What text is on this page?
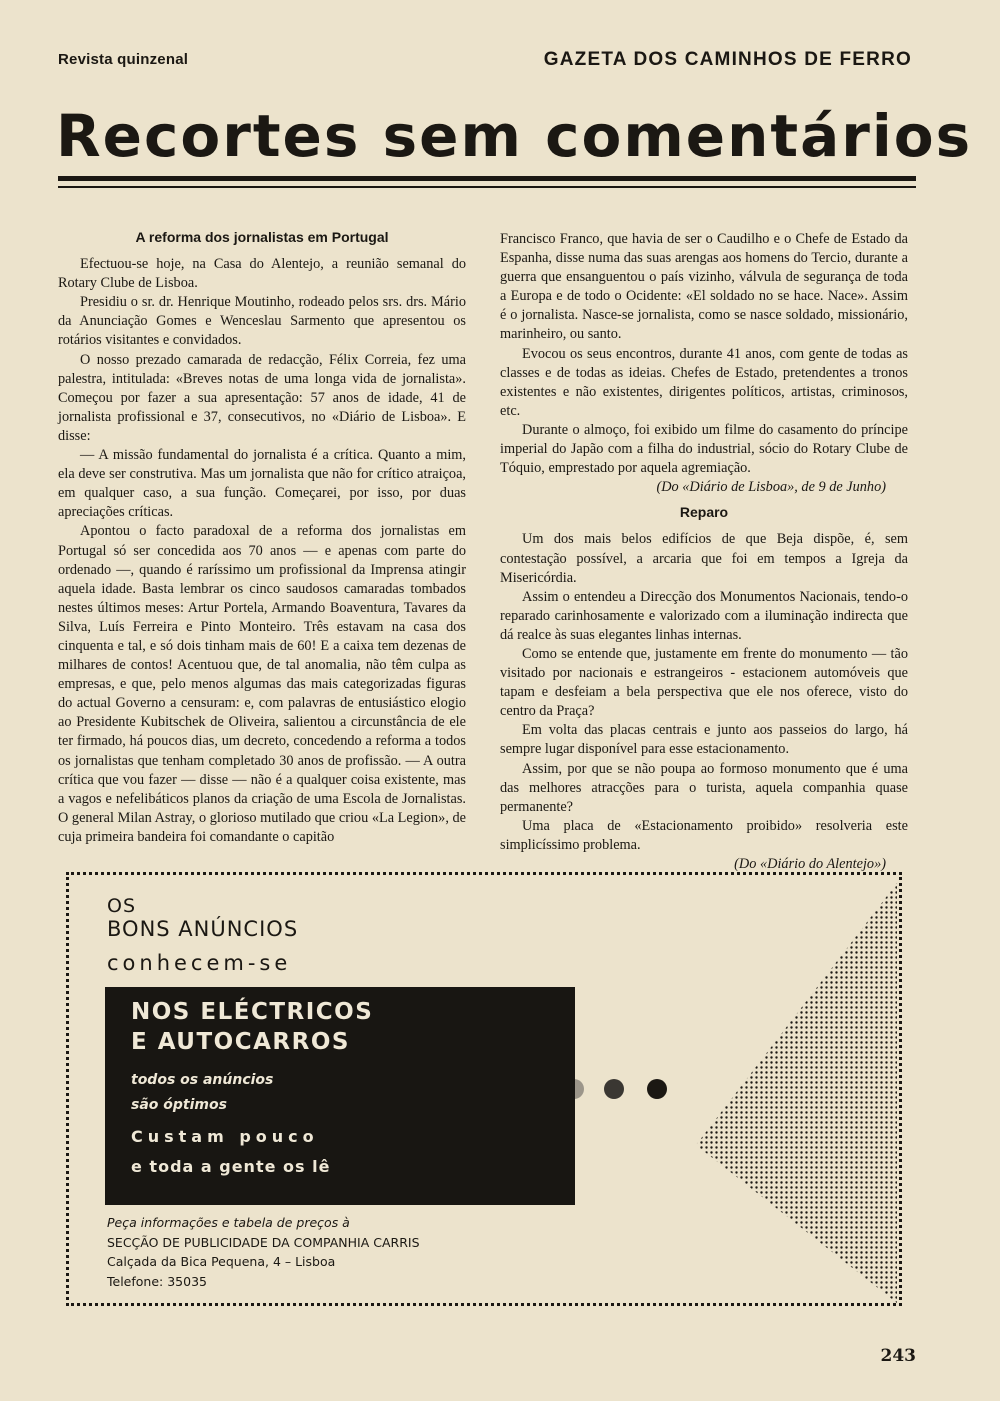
Revista quinzenal	GAZETA DOS CAMINHOS DE FERRO
Recortes sem comentários
A reforma dos jornalistas em Portugal

Efectuou-se hoje, na Casa do Alentejo, a reunião semanal do Rotary Clube de Lisboa.

Presidiu o sr. dr. Henrique Moutinho, rodeado pelos srs. drs. Mário da Anunciação Gomes e Wenceslau Sarmento que apresentou os rotários visitantes e convidados.

O nosso prezado camarada de redacção, Félix Correia, fez uma palestra, intitulada: «Breves notas de uma longa vida de jornalista». Começou por fazer a sua apresentação: 57 anos de idade, 41 de jornalista profissional e 37, consecutivos, no «Diário de Lisboa». E disse:

— A missão fundamental do jornalista é a crítica. Quanto a mim, ela deve ser construtiva. Mas um jornalista que não for crítico atraiçoa, em qualquer caso, a sua função. Começarei, por isso, por duas apreciações críticas.

Apontou o facto paradoxal de a reforma dos jornalistas em Portugal só ser concedida aos 70 anos — e apenas com parte do ordenado —, quando é raríssimo um profissional da Imprensa atingir aquela idade. Basta lembrar os cinco saudosos camaradas tombados nestes últimos meses: Artur Portela, Armando Boaventura, Tavares da Silva, Luís Ferreira e Pinto Monteiro. Três estavam na casa dos cinquenta e tal, e só dois tinham mais de 60! E a caixa tem dezenas de milhares de contos! Acentuou que, de tal anomalia, não têm culpa as empresas, e que, pelo menos algumas das mais categorizadas figuras do actual Governo a censuram: e, com palavras de entusiástico elogio ao Presidente Kubitschek de Oliveira, salientou a circunstância de ele ter firmado, há poucos dias, um decreto, concedendo a reforma a todos os jornalistas que tenham completado 30 anos de profissão. — A outra crítica que vou fazer — disse — não é a qualquer coisa existente, mas a vagos e nefelibáticos planos da criação de uma Escola de Jornalistas. O general Milan Astray, o glorioso mutilado que criou «La Legion», de cuja primeira bandeira foi comandante o capitão

Francisco Franco, que havia de ser o Caudilho e o Chefe de Estado da Espanha, disse numa das suas arengas aos homens do Tercio, durante a guerra que ensanguentou o país vizinho, válvula de segurança de toda a Europa e de todo o Ocidente: «El soldado no se hace. Nace». Assim é o jornalista. Nasce-se jornalista, como se nasce soldado, missionário, marinheiro, ou santo.

Evocou os seus encontros, durante 41 anos, com gente de todas as classes e de todas as ideias. Chefes de Estado, pretendentes a tronos existentes e não existentes, dirigentes políticos, artistas, criminosos, etc.

Durante o almoço, foi exibido um filme do casamento do príncipe imperial do Japão com a filha do industrial, sócio do Rotary Clube de Tóquio, emprestado por aquela agremiação.

(Do «Diário de Lisboa», de 9 de Junho)

Reparo

Um dos mais belos edifícios de que Beja dispõe, é, sem contestação possível, a arcaria que foi em tempos a Igreja da Misericórdia.

Assim o entendeu a Direcção dos Monumentos Nacionais, tendo-o reparado carinhosamente e valorizado com a iluminação indirecta que dá realce às suas elegantes linhas internas.

Como se entende que, justamente em frente do monumento — tão visitado por nacionais e estrangeiros - estacionem automóveis que tapam e desfeiam a bela perspectiva que ele nos oferece, visto do centro da Praça?

Em volta das placas centrais e junto aos passeios do largo, há sempre lugar disponível para esse estacionamento.

Assim, por que se não poupa ao formoso monumento que é uma das melhores atracções para o turista, aquela companhia quase permanente?

Uma placa de «Estacionamento proibido» resolveria este simplicíssimo problema.

(Do «Diário do Alentejo»)

OS
BONS ANÚNCIOS
conhecem-se
NOS ELÉCTRICOS
E AUTOCARROS
todos os anúncios
são óptimos
Custam pouco
e toda a gente os lê
Peça informações e tabela de preços à
SECÇÃO DE PUBLICIDADE DA COMPANHIA CARRIS
Calçada da Bica Pequena, 4 – Lisboa
Telefone: 35035
243
